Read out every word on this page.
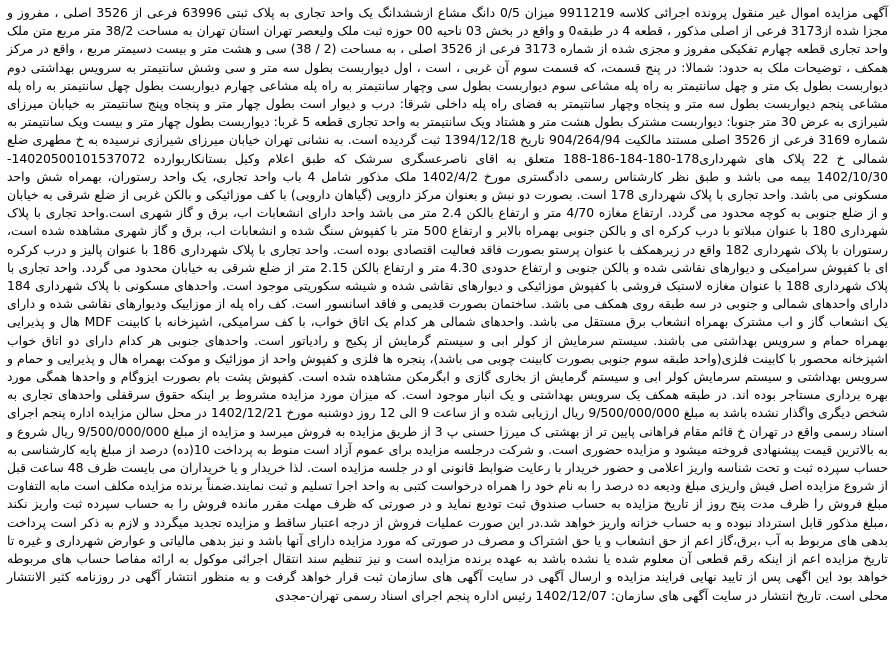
آگهی مزایده اموال غیر منقول پرونده اجرائی کلاسه 9911219 میزان 0/5 دانگ مشاع ازششدانگ یک واحد تجاری به پلاک ثبتی 63996 فرعی از 3526 اصلی ، مفروز و مجزا شده از3173 فرعی از اصلی مذکور ، قطعه 4 در طبقه0 و واقع در بخش 03 ناحیه 00 حوزه ثبت ملک ولیعصر تهران استان تهران به مساحت 38/2 متر مربع متن ملک واحد تجاری قطعه چهارم تفکیکی مفروز و مجزی شده از شماره 3173 فرعی از 3526 اصلی ، به مساحت (2 / 38) سی و هشت متر و بیست دسیمتر مربع ، واقع در مرکز همکف ، توضیحات ملک به حدود: شمالا: در پنج قسمت، که قسمت سوم آن غربی ، است ، اول دیواربست بطول سه متر و سی وشش سانتیمتر به سرویس بهداشتی دوم دیواربست بطول یک متر و چهل سانتیمتر به راه پله مشاعی سوم دیواربست بطول سی وچهار سانتیمتر به راه پله مشاعی چهارم دیواربست بطول چهل سانتیمتر به راه پله مشاعی پنجم دیواربست بطول سه متر و پنجاه وچهار سانتیمتر به فضای راه پله داخلی شرقا: درب و دیوار است بطول چهار متر و پنجاه وپنج سانتیمتر به خیابان میرزای شیرازی به عرض 30 متر جنوبا: دیواربست مشترک بطول هشت متر و هشتاد ویک سانتیمتر به واحد تجاری قطعه 5 غربا: دیواربست بطول چهار متر و بیست ویک سانتیمتر به شماره 3169 فرعی از 3526 اصلی مستند مالکیت 904/264/94 تاریخ 1394/12/18 ثبت گردیده است. به نشانی تهران خیابان میرزای شیرازی نرسیده به خ مطهری ضلع شمالی خ 22 پلاک های شهرداری178-180-184-186-188 متعلق به اقای ناصرعسگری سرشک که طبق اعلام وکیل بستانکاربوارده 14020500101537072-1402/10/30 بیمه می باشد و طبق نظر کارشناس رسمی دادگستری مورخ 1402/4/2 ملک مذکور شامل 4 باب واحد تجاری، یک واحد رستوران، بهمراه شش واحد مسکونی می باشد. واحد تجاری با پلاک شهرداری 178 است. بصورت دو نبش و بعنوان مرکز دارویی (گیاهان دارویی) با کف موزائیکی و بالکن غربی از ضلع شرقی به خیابان و از ضلع جنوبی به کوچه محدود می گردد. ارتفاع مغازه 4/70 متر و ارتفاع بالکن 2.4 متر می باشد واحد دارای انشعابات اب، برق و گاز شهری است.واحد تجاری با پلاک شهرداری 180 با عنوان مبلاتو با درب کرکره ای و بالکن جنوبی بهمراه بالابر و ارتفاع 500 متر با کفپوش سنگ شده و انشعابات اب، برق و گاز شهری مشاهده شده است، رستوران با پلاک شهرداری 182 واقع در زیرهمکف با عنوان پرستو بصورت فاقد فعالیت اقتصادی بوده است. واحد تجاری با پلاک شهرداری 186 با عنوان پالیز و درب کرکره ای با کفپوش سرامیکی و دیوارهای نقاشی شده و بالکن جنوبی و ارتفاع حدودی 4.30 متر و ارتفاع بالکن 2.15 متر از ضلع شرقی به خیابان محدود می گردد. واحد تجاری با پلاک شهرداری 188 با عنوان مغازه لاستیک فروشی با کفپوش موزائیکی و دیوارهای نقاشی شده و شیشه سکوریتی موجود است. واحدهای مسکونی با پلاک شهرداری 184 دارای واحدهای شمالی و جنوبی در سه طبقه روی همکف می باشد. ساختمان بصورت قدیمی و فاقد اسانسور است. کف راه پله از موزاییک ودیوارهای نقاشی شده و دارای یک انشعاب گاز و اب مشترک بهمراه انشعاب برق مستقل می باشد. واحدهای شمالی هر کدام یک اتاق خواب، با کف سرامیکی، اشپزخانه با کابینت MDF هال و پذیرایی بهمراه حمام و سرویس بهداشتی می باشند. سیستم سرمایش از کولر ابی و سیستم گرمایش از پکیج و رادیاتور است. واحدهای جنوبی هر کدام دارای دو اتاق خواب اشپزخانه محصور با کابینت فلزی(واحد طبقه سوم جنوبی بصورت کابینت چوبی می باشد)، پنجره ها فلزی و کفپوش واحد از موزائیک و موکت بهمراه هال و پذیرایی و حمام و سرویس بهداشتی و سیستم سرمایش کولر ابی و سیستم گرمایش از بخاری گازی و ابگرمکن مشاهده شده است. کفپوش پشت بام بصورت ایزوگام و واحدها همگی مورد بهره برداری مستاجر بوده اند. در طبقه همکف یک سرویس بهداشتی و یک انبار موجود است. که میزان مورد مزایده مشروط بر اینکه حقوق سرقفلی واحدهای تجاری به شخص دیگری واگذار نشده باشد به مبلغ 9/500/000/000 ریال ارزیابی شده و از ساعت 9 الی 12 روز دوشنبه مورخ 1402/12/21 در محل سالن مزایده اداره پنجم اجرای اسناد رسمی واقع در تهران خ قائم مقام فراهانی پایین تر از بهشتی ک میرزا حسنی پ 3 از طریق مزایده به فروش میرسد و مزایده از مبلغ 9/500/000/000 ریال شروع و به بالاترین قیمت پیشنهادی فروخته میشود و مزایده حضوری است. و شرکت درجلسه مزایده برای عموم آزاد است منوط به پرداخت 10(ده) درصد از مبلغ پایه کارشناسی به حساب سپرده ثبت و تحت شناسه واریز اعلامی و حضور خریدار با رعایت ضوابط قانونی او در جلسه مزایده است. لذا خریدار و یا خریداران می بایست ظرف 48 ساعت قبل از شروع مزایده اصل فیش واریزی مبلغ ودیعه ده درصد را به نام خود را همراه درخواست کتبی به واحد اجرا تسلیم و ثبت نمایند.ضمناً برنده مزایده مکلف است مابه التفاوت مبلغ فروش را ظرف مدت پنج روز از تاریخ مزایده به حساب صندوق ثبت تودیع نماید و در صورتی که ظرف مهلت مقرر مانده فروش را به حساب سپرده ثبت واریز نکند ،مبلغ مذکور قابل استرداد نبوده و به حساب خزانه واریز خواهد شد.در این صورت عملیات فروش از درجه اعتبار ساقط و مزایده تجدید میگردد و لازم به ذکر است پرداخت بدهی های مربوط به آب ،برق،گاز اعم از حق انشعاب و یا حق اشتراک و مصرف در صورتی که مورد مزایده دارای آنها باشد و نیز بدهی مالیاتی و عوارض شهرداری و غیره تا تاریخ مزایده اعم از اینکه رقم قطعی آن معلوم شده یا نشده باشد به عهده برنده مزایده است و نیز تنظیم سند انتقال اجرائی موکول به ارائه مفاصا حساب های مربوطه خواهد بود این اگهی پس از تایید نهایی فرایند مزایده و ارسال آگهی در سایت آگهی های سازمان ثبت قرار خواهد گرفت و به منظور انتشار آگهی در روزنامه کثیر الانتشار محلی است. تاریخ انتشار در سایت آگهی های سازمان: 1402/12/07 رئیس اداره پنجم اجرای اسناد رسمی تهران-مجدی
